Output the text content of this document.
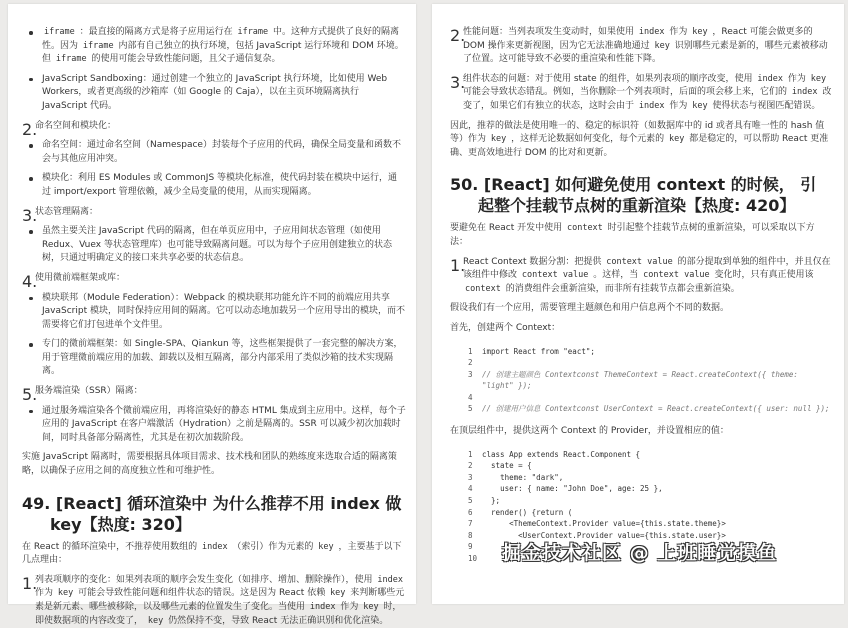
iframe ：最直接的隔离方式是将子应用运行在 iframe 中。这种方式提供了良好的隔离性。因为 iframe 内部有自己独立的执行环境，包括 JavaScript 运行环境和 DOM 环境。但 iframe 的使用可能会导致性能问题，且父子通信复杂。

JavaScript Sandboxing：通过创建一个独立的 JavaScript 执行环境，比如使用 Web Workers，或者更高级的沙箱库（如 Google 的 Caja），以在主页环境隔离执行 JavaScript 代码。

2.

命名空间和模块化：

命名空间：通过命名空间（Namespace）封装每个子应用的代码，确保全局变量和函数不会与其他应用冲突。

模块化：利用 ES Modules 或 CommonJS 等模块化标准，使代码封装在模块中运行，通过 import/export 管理依赖，减少全局变量的使用，从而实现隔离。

3.

状态管理隔离：

虽然主要关注 JavaScript 代码的隔离，但在单页应用中，子应用间状态管理（如使用 Redux、Vuex 等状态管理库）也可能导致隔离问题。可以为每个子应用创建独立的状态树，只通过明确定义的接口来共享必要的状态信息。

4.

使用微前端框架或库：

模块联邦（Module Federation）：Webpack 的模块联邦功能允许不同的前端应用共享 JavaScript 模块，同时保持应用间的隔离。它可以动态地加载另一个应用导出的模块，而不需要将它们打包进单个文件里。

专门的微前端框架：如 Single-SPA、Qiankun 等，这些框架提供了一套完整的解决方案，用于管理微前端应用的加载、卸载以及相互隔离，部分内部采用了类似沙箱的技术实现隔离。

5.

服务端渲染（SSR）隔离：

通过服务端渲染各个微前端应用，再将渲染好的静态 HTML 集成到主应用中。这样，每个子应用的 JavaScript 在客户端激活（Hydration）之前是隔离的。SSR 可以减少初次加载时间，同时具备部分隔离性，尤其是在初次加载阶段。

实施 JavaScript 隔离时，需要根据具体项目需求、技术栈和团队的熟练度来选取合适的隔离策略，以确保子应用之间的高度独立性和可维护性。

49. [React] 循环渲染中 为什么推荐不用 index 做 key【热度: 320】

在 React 的循环渲染中，不推荐使用数组的 index （索引）作为元素的 key ，主要基于以下几点理由：

1.

列表项顺序的变化：如果列表项的顺序会发生变化（如排序、增加、删除操作），使用 index 作为 key 可能会导致性能问题和组件状态的错误。这是因为 React 依赖 key 来判断哪些元素是新元素、哪些被移除，以及哪些元素的位置发生了变化。当使用 index 作为 key 时，即使数据项的内容改变了， key 仍然保持不变，导致 React 无法正确识别和优化渲染。

2.

性能问题：当列表项发生变动时，如果使用 index 作为 key ，React 可能会做更多的 DOM 操作来更新视图，因为它无法准确地通过 key 识别哪些元素是新的，哪些元素被移动了位置。这可能导致不必要的重渲染和性能下降。

3.

组件状态的问题：对于使用 state 的组件，如果列表项的顺序改变，使用 index 作为 key 可能会导致状态错乱。例如，当你删除一个列表项时，后面的项会移上来，它们的 index 改变了，如果它们有独立的状态，这时会由于 index 作为 key 使得状态与视图匹配错误。

因此，推荐的做法是使用唯一的、稳定的标识符（如数据库中的 id 或者具有唯一性的 hash 值等）作为 key ，这样无论数据如何变化，每个元素的 key 都是稳定的，可以帮助 React 更准确、更高效地进行 DOM 的比对和更新。

50. [React] 如何避免使用 context 的时候， 引起整个挂载节点树的重新渲染【热度: 420】

要避免在 React 开发中使用 context 时引起整个挂载节点树的重新渲染，可以采取以下方法：

1.

React Context 数据分割：把提供 context value 的部分提取到单独的组件中，并且仅在该组件中修改 context value 。这样，当 context value 变化时，只有真正使用该 context 的消费组件会重新渲染，而非所有挂载节点都会重新渲染。

假设我们有一个应用，需要管理主题颜色和用户信息两个不同的数据。

首先，创建两个 Context：

1	import React from "eact";
2
3	// 创建主题颜色 Contextconst ThemeContext = React.createContext({ theme: "light" });
4
5	// 创建用户信息 Contextconst UserContext = React.createContext({ user: null });

在顶层组件中，提供这两个 Context 的 Provider，并设置相应的值：

1	class App extends React.Component {
2	state = {
3	theme: "dark",
4	user: { name: "John Doe", age: 25 },
5	};
6	render() {return (
7	<ThemeContext.Provider value={this.state.theme}>
8	<UserContext.Provider value={this.state.user}>
9
10 掘金技术社区 @ 上班睡觉摸鱼
